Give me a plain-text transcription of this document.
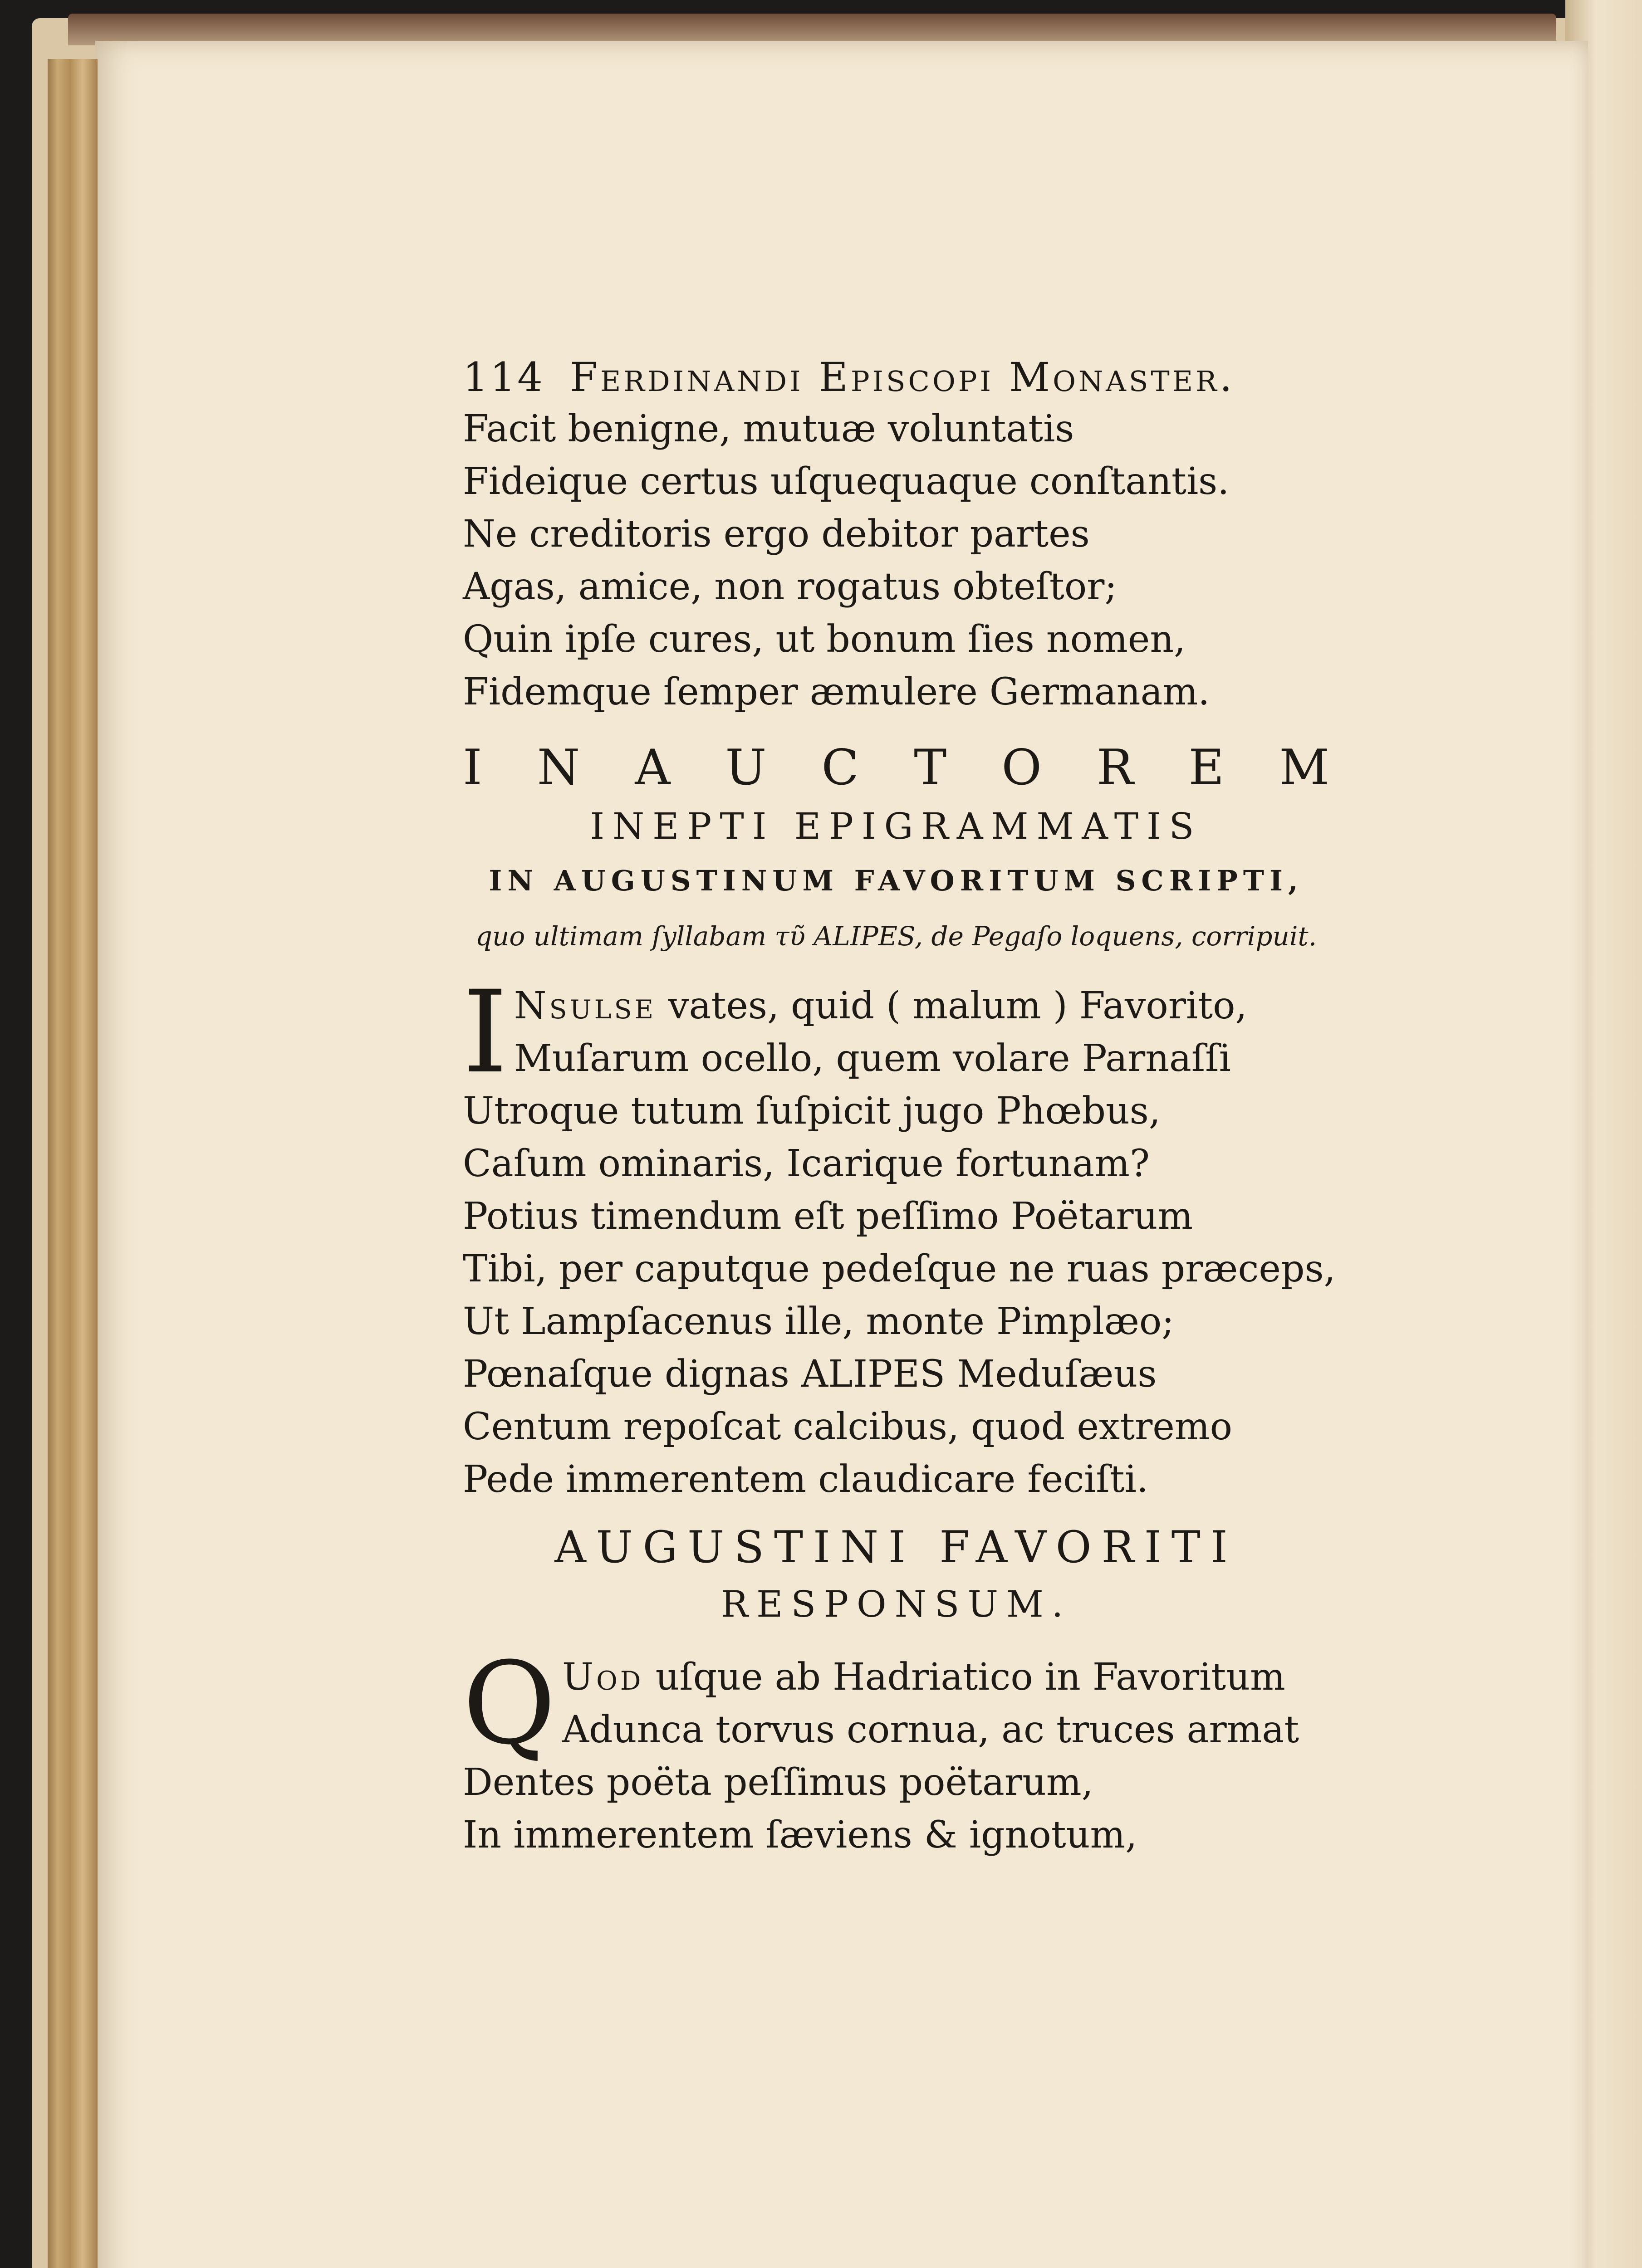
114 Ferdinandi Episcopi Monaster.
Facit benigne, mutuæ voluntatis
Fideique certus uſquequaque conſtantis.
Ne creditoris ergo debitor partes
Agas, amice, non rogatus obteſtor;
Quin ipſe cures, ut bonum ſies nomen,
Fidemque ſemper æmulere Germanam.
I N A U C T O R E M
INEPTI EPIGRAMMATIS
IN AUGUSTINUM FAVORITUM SCRIPTI,
quo ultimam ſyllabam τῦ ALIPES, de Pegaſo loquens, corripuit.
I Nsulse vates, quid ( malum ) Favorito,
Muſarum ocello, quem volare Parnaſſi
Utroque tutum ſuſpicit jugo Phœbus,
Caſum ominaris, Icarique fortunam?
Potius timendum eſt peſſimo Poëtarum
Tibi, per caputque pedeſque ne ruas præceps,
Ut Lampſacenus ille, monte Pimplæo;
Pœnaſque dignas ALIPES Meduſæus
Centum repoſcat calcibus, quod extremo
Pede immerentem claudicare feciſti.
AUGUSTINI FAVORITI
RESPONSUM.
Q Uod uſque ab Hadriatico in Favoritum
Adunca torvus cornua, ac truces armat
Dentes poëta peſſimus poëtarum,
In immerentem ſæviens & ignotum,
